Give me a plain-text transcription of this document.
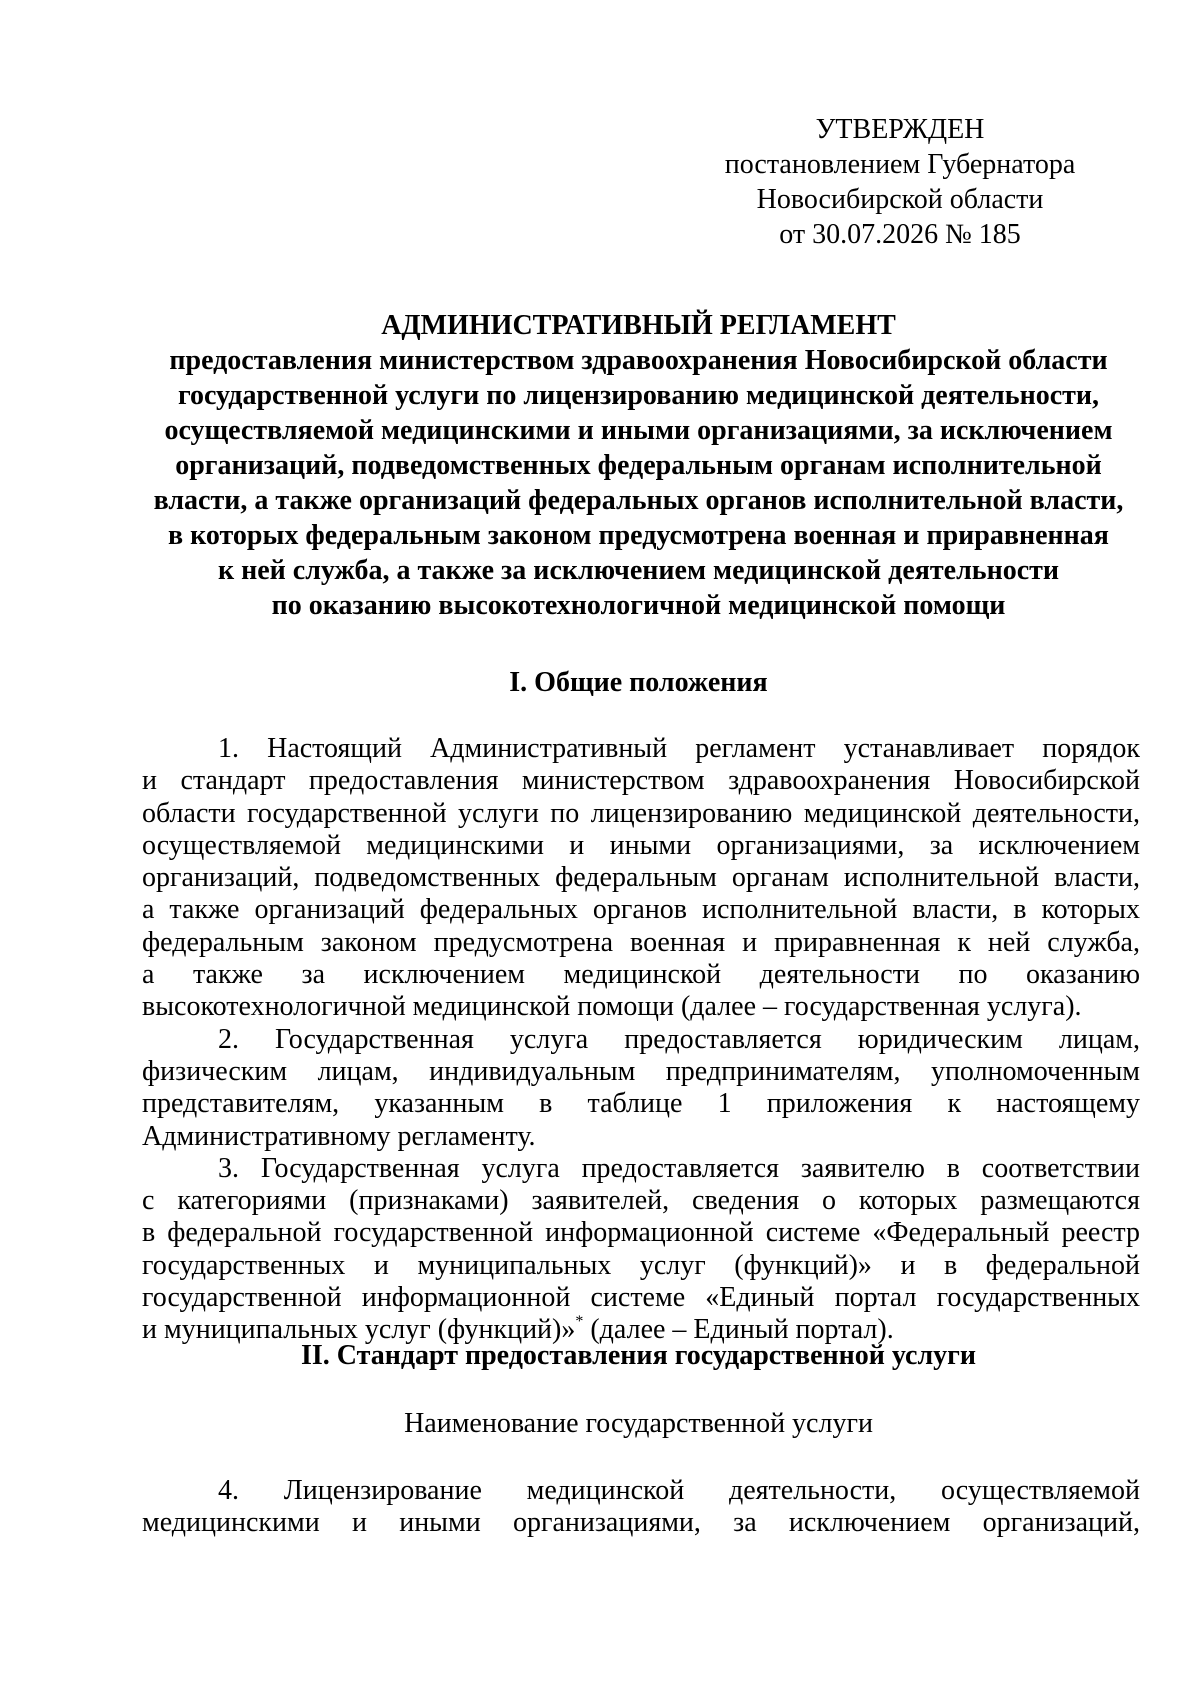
УТВЕРЖДЕН
постановлением Губернатора
Новосибирской области
от 30.07.2026 № 185
АДМИНИСТРАТИВНЫЙ РЕГЛАМЕНТ
предоставления министерством здравоохранения Новосибирской области
государственной услуги по лицензированию медицинской деятельности,
осуществляемой медицинскими и иными организациями, за исключением
организаций, подведомственных федеральным органам исполнительной
власти, а также организаций федеральных органов исполнительной власти,
в которых федеральным законом предусмотрена военная и приравненная
к ней служба, а также за исключением медицинской деятельности
по оказанию высокотехнологичной медицинской помощи
I. Общие положения
1. Настоящий Административный регламент устанавливает порядок
и стандарт предоставления министерством здравоохранения Новосибирской
области государственной услуги по лицензированию медицинской деятельности,
осуществляемой медицинскими и иными организациями, за исключением
организаций, подведомственных федеральным органам исполнительной власти,
а также организаций федеральных органов исполнительной власти, в которых
федеральным законом предусмотрена военная и приравненная к ней служба,
а также за исключением медицинской деятельности по оказанию
высокотехнологичной медицинской помощи (далее – государственная услуга).
2. Государственная услуга предоставляется юридическим лицам,
физическим лицам, индивидуальным предпринимателям, уполномоченным
представителям, указанным в таблице 1 приложения к настоящему
Административному регламенту.
3. Государственная услуга предоставляется заявителю в соответствии
с категориями (признаками) заявителей, сведения о которых размещаются
в федеральной государственной информационной системе «Федеральный реестр
государственных и муниципальных услуг (функций)» и в федеральной
государственной информационной системе «Единый портал государственных
и муниципальных услуг (функций)»* (далее – Единый портал).
II. Стандарт предоставления государственной услуги
Наименование государственной услуги
4. Лицензирование медицинской деятельности, осуществляемой
медицинскими и иными организациями, за исключением организаций,
